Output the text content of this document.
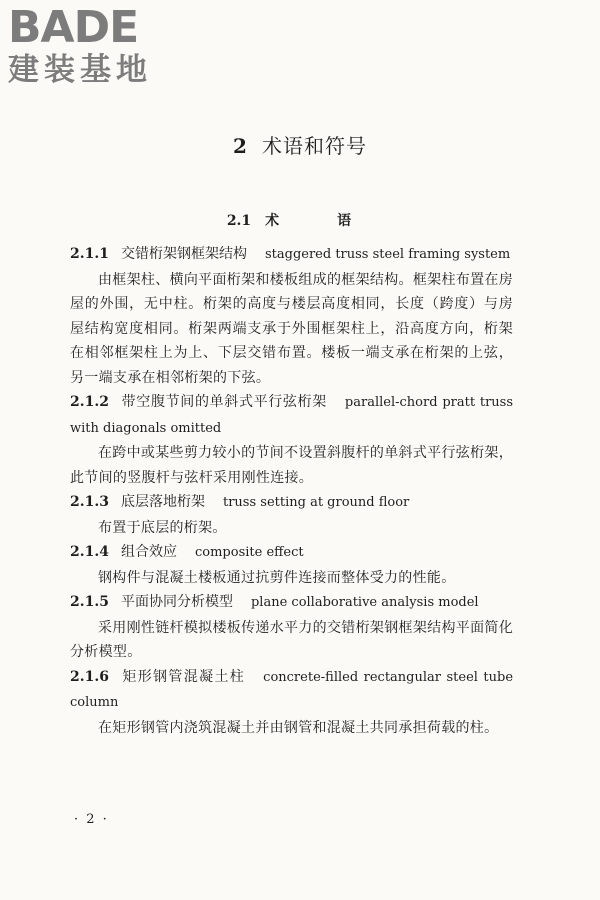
BADE
建装基地
2 术语和符号
2.1 术　语
2.1.1 交错桁架钢框架结构 staggered truss steel framing system
由框架柱、横向平面桁架和楼板组成的框架结构。框架柱布置在房屋的外围，无中柱。桁架的高度与楼层高度相同，长度（跨度）与房屋结构宽度相同。桁架两端支承于外围框架柱上，沿高度方向，桁架在相邻框架柱上为上、下层交错布置。楼板一端支承在桁架的上弦，另一端支承在相邻桁架的下弦。
2.1.2 带空腹节间的单斜式平行弦桁架 parallel-chord pratt truss with diagonals omitted
在跨中或某些剪力较小的节间不设置斜腹杆的单斜式平行弦桁架，此节间的竖腹杆与弦杆采用刚性连接。
2.1.3 底层落地桁架 truss setting at ground floor
布置于底层的桁架。
2.1.4 组合效应 composite effect
钢构件与混凝土楼板通过抗剪件连接而整体受力的性能。
2.1.5 平面协同分析模型 plane collaborative analysis model
采用刚性链杆模拟楼板传递水平力的交错桁架钢框架结构平面简化分析模型。
2.1.6 矩形钢管混凝土柱 concrete-filled rectangular steel tube column
在矩形钢管内浇筑混凝土并由钢管和混凝土共同承担荷载的柱。
· 2 ·
